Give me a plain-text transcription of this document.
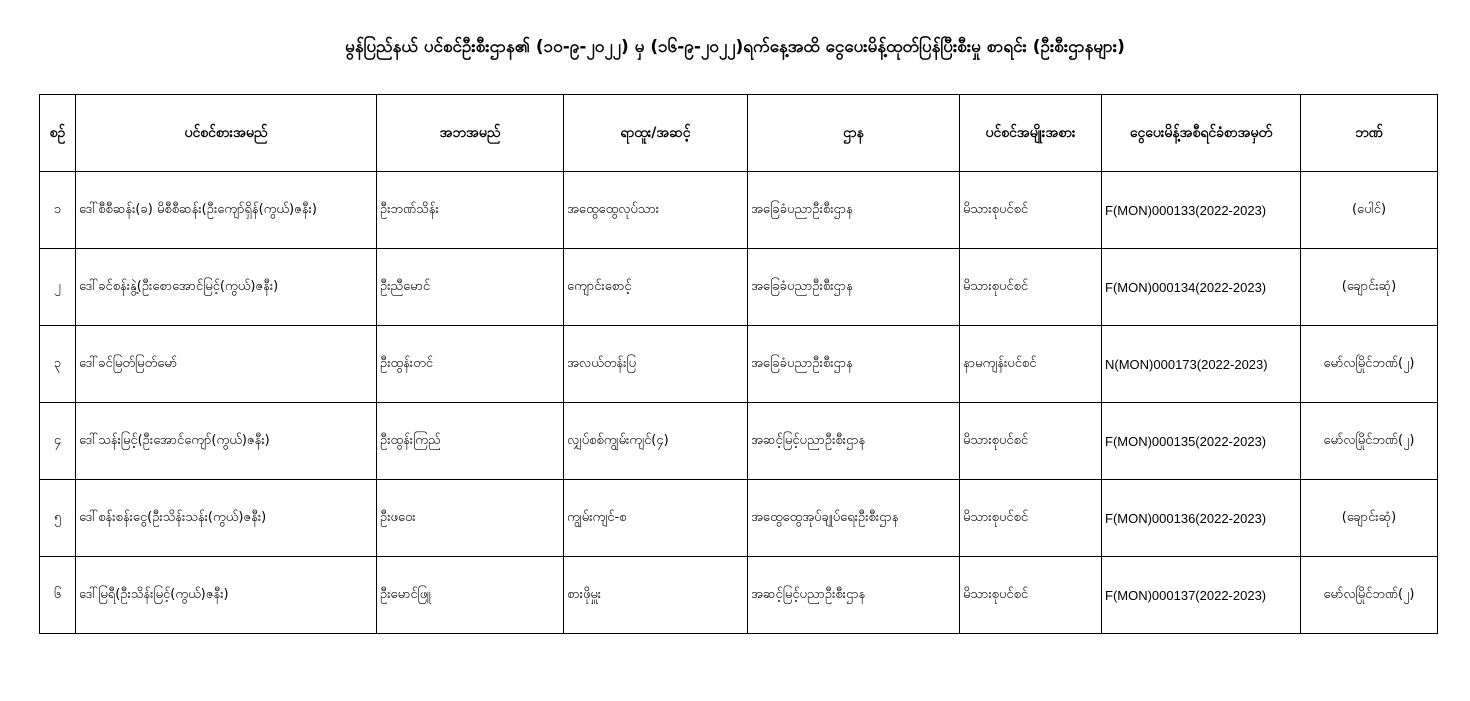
မွန်ပြည်နယ် ပင်စင်ဦးစီးဌာန၏ (၁၀-၉-၂၀၂၂) မှ (၁၆-၉-၂၀၂၂)ရက်နေ့အထိ ငွေပေးမိန့်ထုတ်ပြန်ပြီးစီးမှု စာရင်း (ဦးစီးဌာနများ)
စဉ်	ပင်စင်စားအမည်	အဘအမည်	ရာထူး/အဆင့်	ဌာန	ပင်စင်အမျိုးအစား	ငွေပေးမိန့်အစီရင်ခံစာအမှတ်	ဘဏ်
၁	ဒေါ်စီစီဆန်း(ခ) မိစီစီဆန်း(ဦးကျော်ရှိန်(ကွယ်)ဇနီး)	ဦးဘဏ်သိန်း	အထွေထွေလုပ်သား	အခြေခံပညာဦးစီးဌာန	မိသားစုပင်စင်	F(MON)000133(2022-2023)	(ပေါင်)
၂	ဒေါ်ခင်စန်းနွဲ့(ဦးစောအောင်မြင့်(ကွယ်)ဇနီး)	ဦးညီမောင်	ကျောင်းစောင့်	အခြေခံပညာဦးစီးဌာန	မိသားစုပင်စင်	F(MON)000134(2022-2023)	(ချောင်းဆုံ)
၃	ဒေါ်ခင်မြတ်မြတ်မော်	ဦးထွန်းတင်	အလယ်တန်းပြ	အခြေခံပညာဦးစီးဌာန	နာမကျန်းပင်စင်	N(MON)000173(2022-2023)	မော်လမြိုင်ဘဏ်(၂)
၄	ဒေါ်သန်းမြင့်(ဦးအောင်ကျော်(ကွယ်)ဇနီး)	ဦးထွန်းကြည်	လျှပ်စစ်ကျွမ်းကျင်(၄)	အဆင့်မြင့်ပညာဦးစီးဌာန	မိသားစုပင်စင်	F(MON)000135(2022-2023)	မော်လမြိုင်ဘဏ်(၂)
၅	ဒေါ်စန်းစန်းငွေ(ဦးသိန်းသန်း(ကွယ်)ဇနီး)	ဦးဖဝေး	ကျွမ်းကျင်-စ	အထွေထွေအုပ်ချုပ်ရေးဦးစီးဌာန	မိသားစုပင်စင်	F(MON)000136(2022-2023)	(ချောင်းဆုံ)
၆	ဒေါ်မြရီ(ဦးသိန်းမြင့်(ကွယ်)ဇနီး)	ဦးမောင်ဖြူ	စားဖိုမှူး	အဆင့်မြင့်ပညာဦးစီးဌာန	မိသားစုပင်စင်	F(MON)000137(2022-2023)	မော်လမြိုင်ဘဏ်(၂)
